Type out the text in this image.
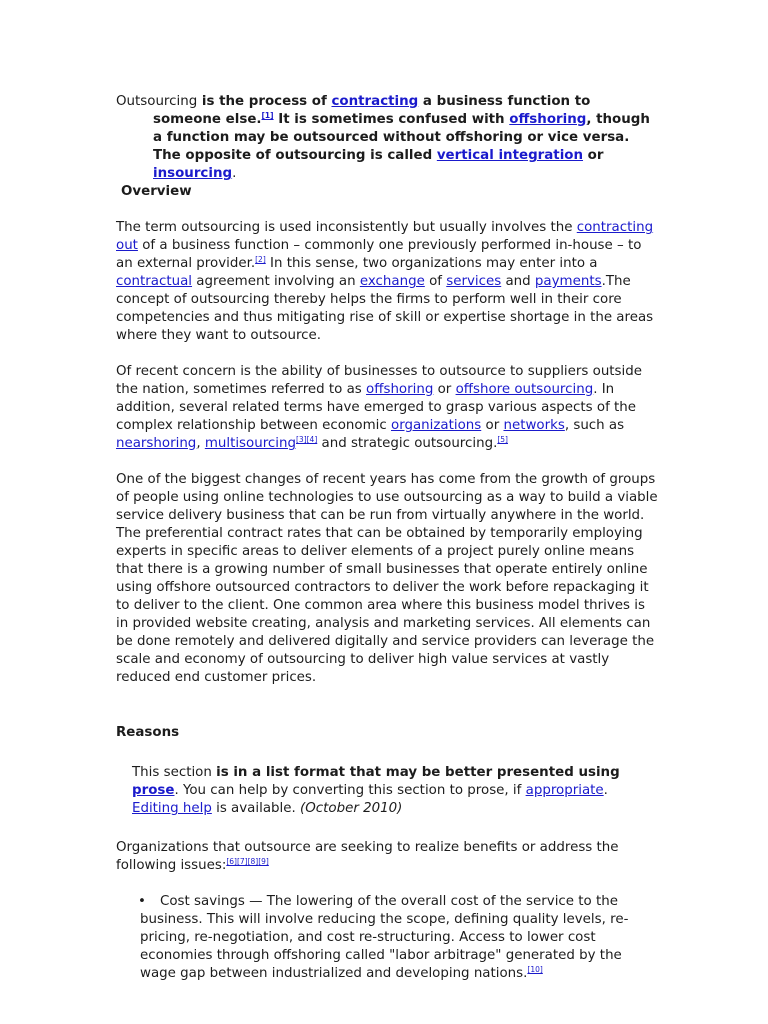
Outsourcing is the process of contracting a business function to someone else.[1] It is sometimes confused with offshoring, though a function may be outsourced without offshoring or vice versa. The opposite of outsourcing is called vertical integration or insourcing.

Overview

The term outsourcing is used inconsistently but usually involves the contracting out of a business function – commonly one previously performed in-house – to an external provider.[2] In this sense, two organizations may enter into a contractual agreement involving an exchange of services and payments.The concept of outsourcing thereby helps the firms to perform well in their core competencies and thus mitigating rise of skill or expertise shortage in the areas where they want to outsource.

Of recent concern is the ability of businesses to outsource to suppliers outside the nation, sometimes referred to as offshoring or offshore outsourcing. In addition, several related terms have emerged to grasp various aspects of the complex relationship between economic organizations or networks, such as nearshoring, multisourcing[3][4] and strategic outsourcing.[5]

One of the biggest changes of recent years has come from the growth of groups of people using online technologies to use outsourcing as a way to build a viable service delivery business that can be run from virtually anywhere in the world. The preferential contract rates that can be obtained by temporarily employing experts in specific areas to deliver elements of a project purely online means that there is a growing number of small businesses that operate entirely online using offshore outsourced contractors to deliver the work before repackaging it to deliver to the client. One common area where this business model thrives is in provided website creating, analysis and marketing services. All elements can be done remotely and delivered digitally and service providers can leverage the scale and economy of outsourcing to deliver high value services at vastly reduced end customer prices.

Reasons

This section is in a list format that may be better presented using prose. You can help by converting this section to prose, if appropriate. Editing help is available. (October 2010)

Organizations that outsource are seeking to realize benefits or address the following issues:[6][7][8][9]

• Cost savings — The lowering of the overall cost of the service to the business. This will involve reducing the scope, defining quality levels, re-pricing, re-negotiation, and cost re-structuring. Access to lower cost economies through offshoring called "labor arbitrage" generated by the wage gap between industrialized and developing nations.[10]
